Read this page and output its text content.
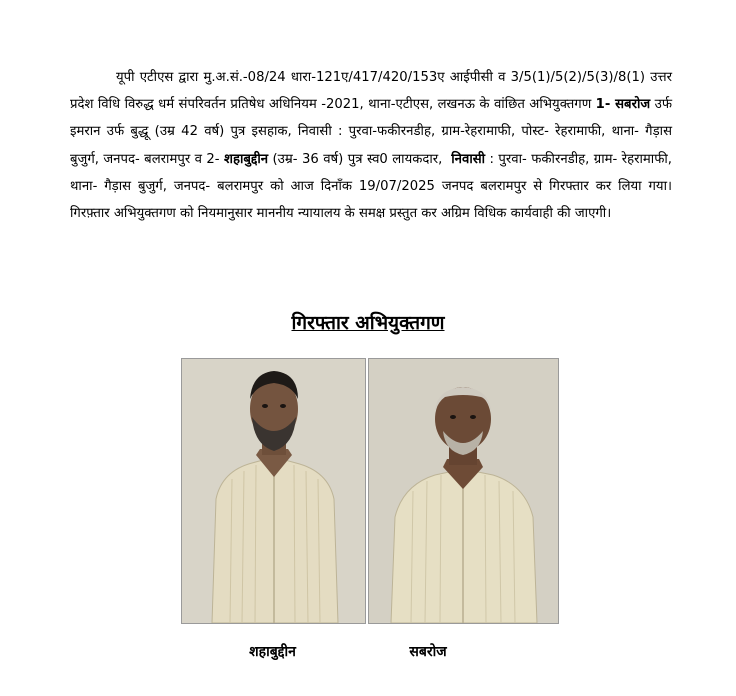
यूपी एटीएस द्वारा मु.अ.सं.-08/24 धारा-121ए/417/420/153ए आईपीसी व 3/5(1)/5(2)/5(3)/8(1) उत्तर प्रदेश विधि विरुद्ध धर्म संपरिवर्तन प्रतिषेध अधिनियम -2021, थाना-एटीएस, लखनऊ के वांछित अभियुक्तगण 1- सबरोज उर्फ इमरान उर्फ बुद्धू (उम्र 42 वर्ष) पुत्र इसहाक, निवासी : पुरवा-फकीरनडीह, ग्राम-रेहरामाफी, पोस्ट- रेहरामाफी, थाना- गैड़ास बुजुर्ग, जनपद- बलरामपुर व 2- शहाबुद्दीन (उम्र- 36 वर्ष) पुत्र स्व0 लायकदार, निवासी : पुरवा- फकीरनडीह, ग्राम- रेहरामाफी, थाना- गैड़ास बुजुर्ग, जनपद- बलरामपुर को आज दिनाँक 19/07/2025 जनपद बलरामपुर से गिरफ्तार कर लिया गया। गिरफ़्तार अभियुक्तगण को नियमानुसार माननीय न्यायालय के समक्ष प्रस्तुत कर अग्रिम विधिक कार्यवाही की जाएगी।
गिरफ्तार अभियुक्तगण
शहाबुद्दीन	सबरोज
